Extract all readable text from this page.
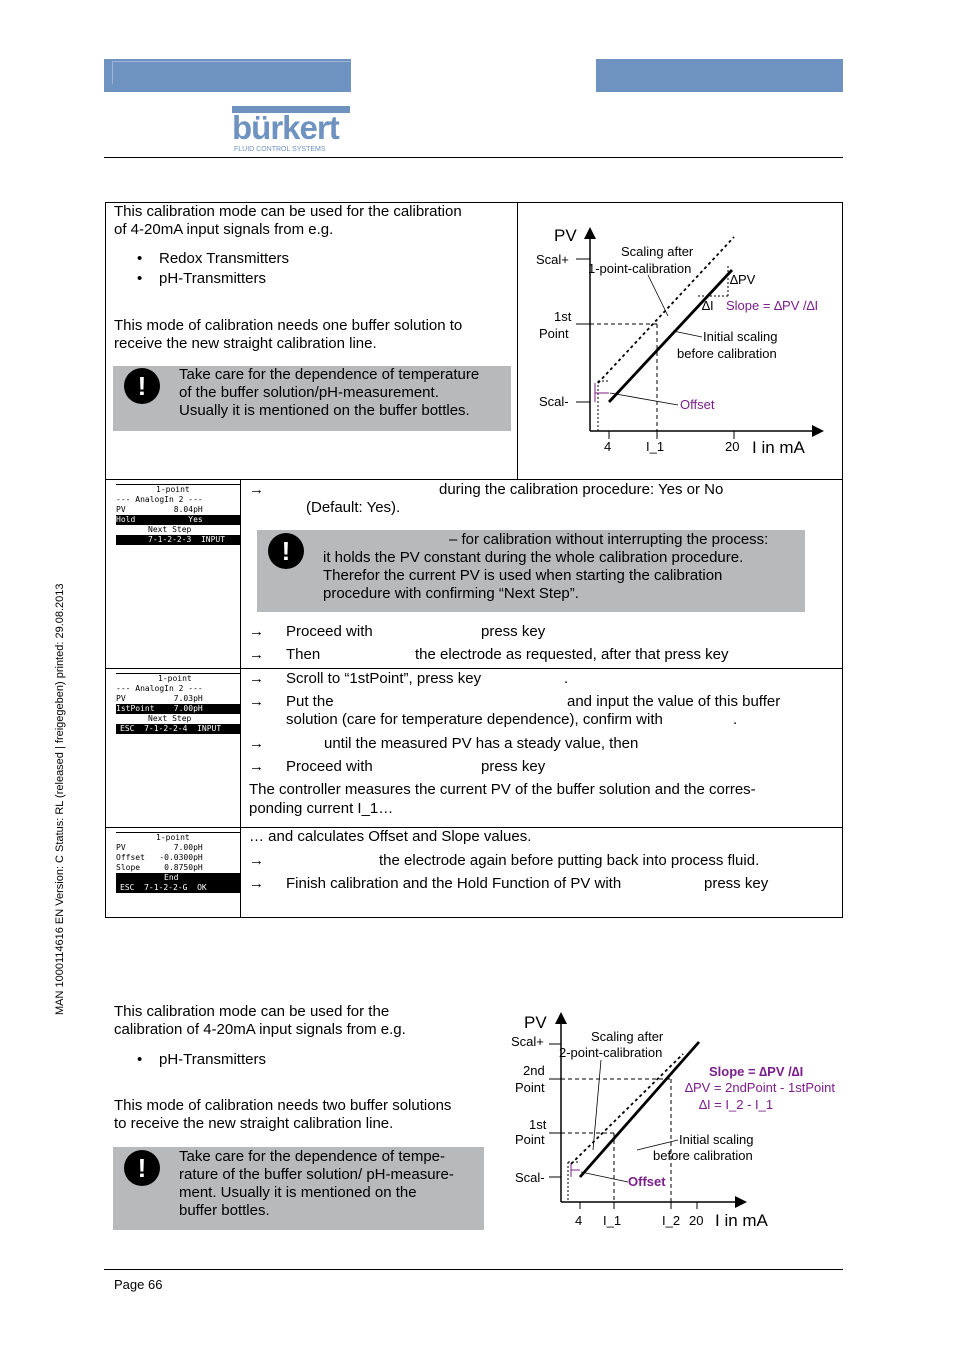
bürkert
FLUID CONTROL SYSTEMS
MAN 1000114616 EN Version: C Status: RL (released | freigegeben) printed: 29.08.2013
This calibration mode can be used for the calibration
of 4-20mA input signals from e.g.
• Redox Transmitters
• pH-Transmitters
This mode of calibration needs one buffer solution to
receive the new straight calibration line.
!	Take care for the dependence of temperature
of the buffer solution/pH-measurement.
Usually it is mentioned on the buffer bottles.
PV
Scal+
1st
Point
Scal-
4	I_1	20 I in mA
∆PV
∆I Slope = ∆PV /∆I
Scaling after
1-point-calibration
Initial scaling
before calibration
Offset
1-point
--- AnalogIn 2 ---
PV          8.04pH
Hold           Yes
Next Step
7-1-2-2-3  INPUT
→	during the calibration procedure: Yes or No
(Default: Yes).
!	– for calibration without interrupting the process:
it holds the PV constant during the whole calibration procedure.
Therefor the current PV is used when starting the calibration
procedure with confirming “Next Step”.
→ Proceed with	press key
→ Then	the electrode as requested, after that press key
1-point
--- AnalogIn 2 ---
PV          7.03pH
1stPoint    7.00pH
Next Step
ESC  7-1-2-2-4  INPUT
→ Scroll to “1stPoint”, press key	.
→ Put the	and input the value of this buffer
solution (care for temperature dependence), confirm with	.
→	until the measured PV has a steady value, then
→ Proceed with	press key
The controller measures the current PV of the buffer solution and the corres-
ponding current I_1…
1-point
PV          7.00pH
Offset   -0.0300pH
Slope     0.8750pH
End
ESC  7-1-2-2-G  OK
… and calculates Offset and Slope values.
→	the electrode again before putting back into process fluid.
→ Finish calibration and the Hold Function of PV with	press key
This calibration mode can be used for the
calibration of 4-20mA input signals from e.g.
• pH-Transmitters
This mode of calibration needs two buffer solutions
to receive the new straight calibration line.
!	Take care for the dependence of tempe-
rature of the buffer solution/ pH-measure-
ment. Usually it is mentioned on the
buffer bottles.
PV
Scal+
2nd
Point
1st
Point
Scal-
4 I_1	I_2 20 I in mA
Scaling after
2-point-calibration
Slope = ∆PV /∆I
∆PV = 2ndPoint - 1stPoint
∆I = I_2 - I_1
Initial scaling
before calibration
Offset
Page 66
